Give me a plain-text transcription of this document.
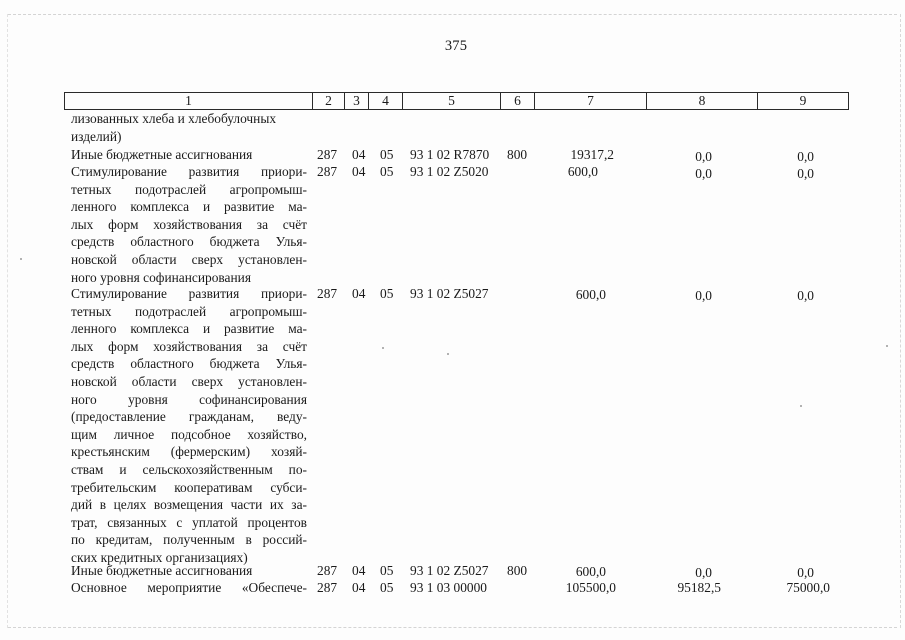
375
1	2	3	4	5	6	7	8	9
лизованных хлеба и хлебобулочных
изделий)
Иные бюджетные ассигнования	287 04 05 93 1 02 R7870 800	19317,2	0,0	0,0
Стимулирование развития приори-
тетных подотраслей агропромыш-
ленного комплекса и развитие ма-
лых форм хозяйствования за счёт
средств областного бюджета Улья-
новской области сверх установлен-
ного уровня софинансирования
287 04 05 93 1 02 Z5020	600,0	0,0	0,0
Стимулирование развития приори-
тетных подотраслей агропромыш-
ленного комплекса и развитие ма-
лых форм хозяйствования за счёт
средств областного бюджета Улья-
новской области сверх установлен-
ного уровня софинансирования
(предоставление гражданам, веду-
щим личное подсобное хозяйство,
крестьянским (фермерским) хозяй-
ствам и сельскохозяйственным по-
требительским кооперативам субси-
дий в целях возмещения части их за-
трат, связанных с уплатой процентов
по кредитам, полученным в россий-
ских кредитных организациях)
287 04 05 93 1 02 Z5027	600,0	0,0	0,0
Иные бюджетные ассигнования	287 04 05 93 1 02 Z5027 800	600,0	0,0	0,0
Основное мероприятие «Обеспече- 287 04 05 93 1 03 00000	105500,0	95182,5	75000,0
